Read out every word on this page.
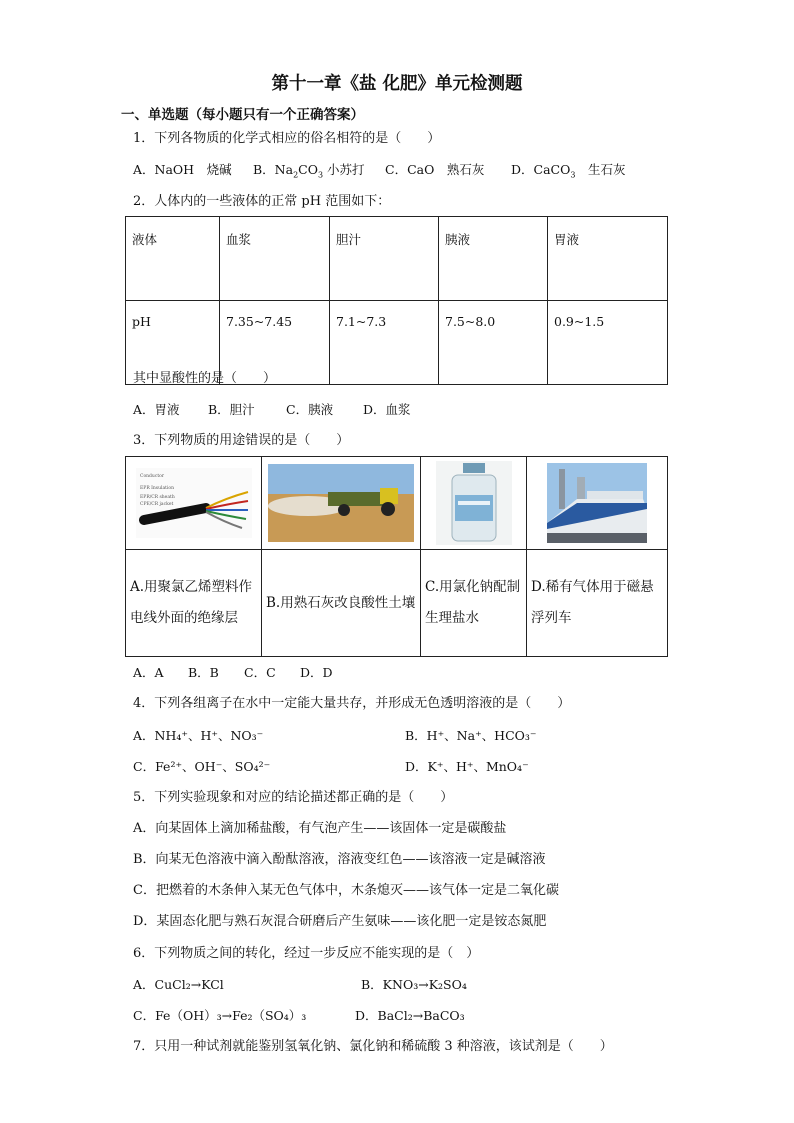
第十一章《盐 化肥》单元检测题
一、单选题（每小题只有一个正确答案）
1．下列各物质的化学式相应的俗名相符的是（　　）
A．NaOH　烧碱 B．$Na_2CO_3$ 小苏打 C．CaO　熟石灰 D．CaCO$_3$　生石灰
2．人体内的一些液体的正常 pH 范围如下：
液体	血浆	胆汁	胰液	胃液
pH	7.35~7.45	7.1~7.3	7.5~8.0	0.9~1.5
其中显酸性的是（　　）
A．胃液 B．胆汁	C．胰液 D．血浆
3．下列物质的用途错误的是（　　）
Conductor
EPR Insulation
EPR/CR sheath
CPE/CR jacket

A.用聚氯乙烯塑料作电线外面的绝缘层	B.用熟石灰改良酸性土壤	C.用氯化钠配制生理盐水	D.稀有气体用于磁悬浮列车
A．A B．B C．C D．D
4．下列各组离子在水中一定能大量共存，并形成无色透明溶液的是（　　）
A．NH₄⁺、H⁺、NO₃⁻	B．H⁺、Na⁺、HCO₃⁻
C．Fe²⁺、OH⁻、SO₄²⁻	D．K⁺、H⁺、MnO₄⁻
5．下列实验现象和对应的结论描述都正确的是（　　）
A．向某固体上滴加稀盐酸，有气泡产生——该固体一定是碳酸盐
B．向某无色溶液中滴入酚酞溶液，溶液变红色——该溶液一定是碱溶液
C．把燃着的木条伸入某无色气体中，木条熄灭——该气体一定是二氧化碳
D．某固态化肥与熟石灰混合研磨后产生氨味——该化肥一定是铵态氮肥
6．下列物质之间的转化，经过一步反应不能实现的是（　）
A．CuCl₂→KCl	B．KNO₃→K₂SO₄
C．Fe（OH）₃→Fe₂（SO₄）₃	D．BaCl₂→BaCO₃
7．只用一种试剂就能鉴别氢氧化钠、氯化钠和稀硫酸 3 种溶液，该试剂是（　　）
